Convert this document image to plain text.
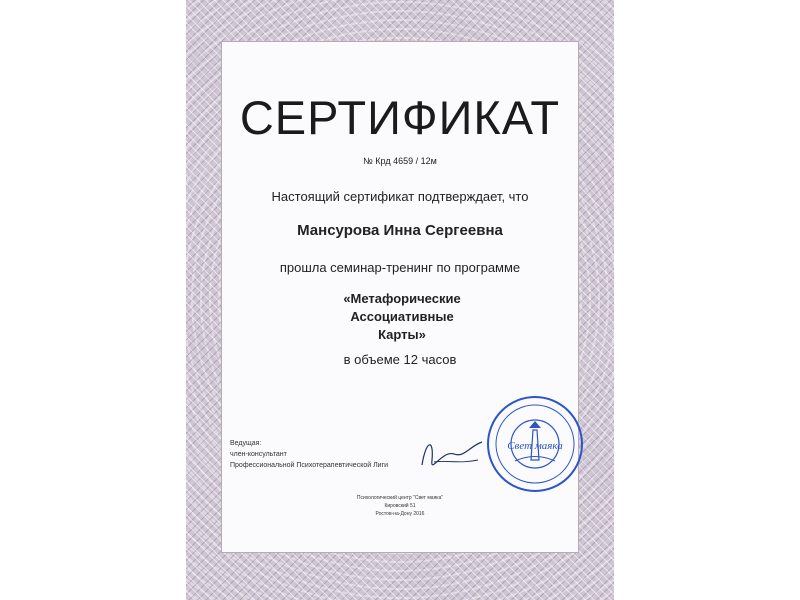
СЕРТИФИКАТ
№ Крд 4659 / 12м
Настоящий сертификат подтверждает, что
Мансурова Инна Сергеевна
прошла семинар-тренинг по программе
«Метафорические Ассоциативные
Карты»
в объеме 12 часов
Ведущая:
член-консультант
Профессиональной Психотерапевтической Лиги
Свет маяка
Психологический центр "Свет маяка"
Кировский 51
Ростов-на-Дону 2016
